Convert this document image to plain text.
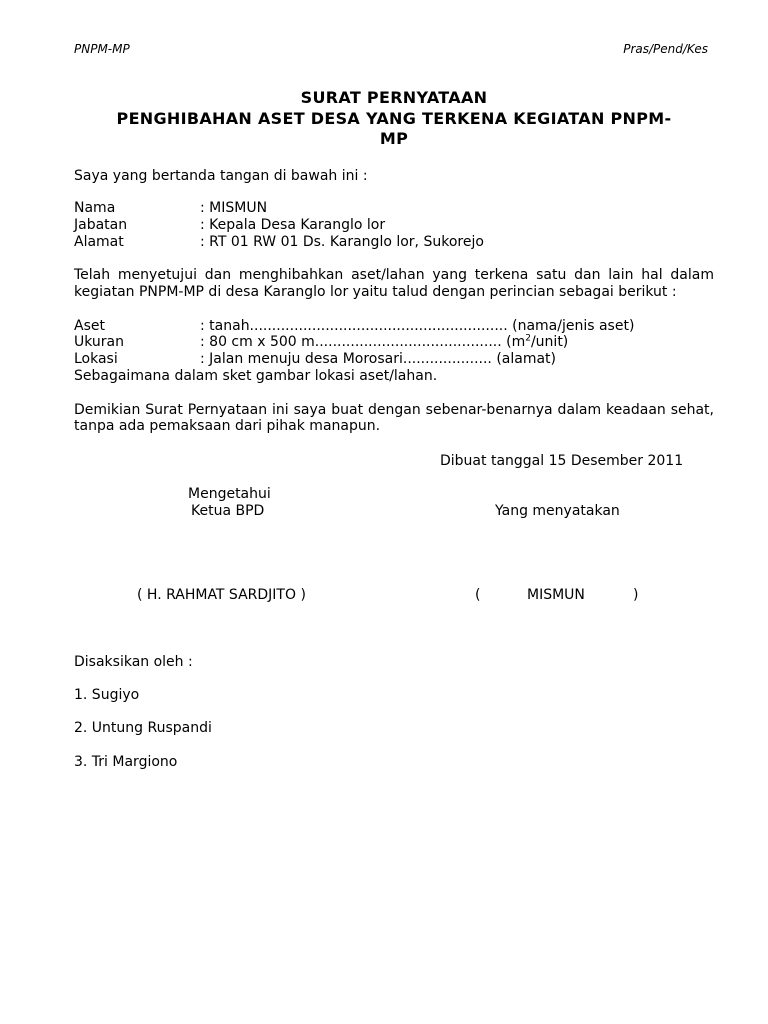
PNPM-MP	Pras/Pend/Kes
SURAT PERNYATAAN
PENGHIBAHAN ASET DESA YANG TERKENA KEGIATAN PNPM-
MP
Saya yang bertanda tangan di bawah ini :
Nama	: MISMUN
Jabatan	: Kepala Desa Karanglo lor
Alamat	: RT 01 RW 01 Ds. Karanglo lor, Sukorejo
Telah menyetujui dan menghibahkan aset/lahan yang terkena satu dan lain hal dalam
kegiatan PNPM-MP di desa Karanglo lor yaitu talud dengan perincian sebagai berikut :
Aset	: tanah.......................................................... (nama/jenis aset)
Ukuran	: 80 cm x 500 m.......................................... $(m^2/unit)$
Lokasi	: Jalan menuju desa Morosari.................... (alamat)
Sebagaimana dalam sket gambar lokasi aset/lahan.
Demikian Surat Pernyataan ini saya buat dengan sebenar-benarnya dalam keadaan sehat,
tanpa ada pemaksaan dari pihak manapun.
Dibuat tanggal 15 Desember 2011
Mengetahui
Ketua BPD	Yang menyatakan
( H. RAHMAT SARDJITO )	(	MISMUN	)
Disaksikan oleh :
1. Sugiyo
2. Untung Ruspandi
3. Tri Margiono
